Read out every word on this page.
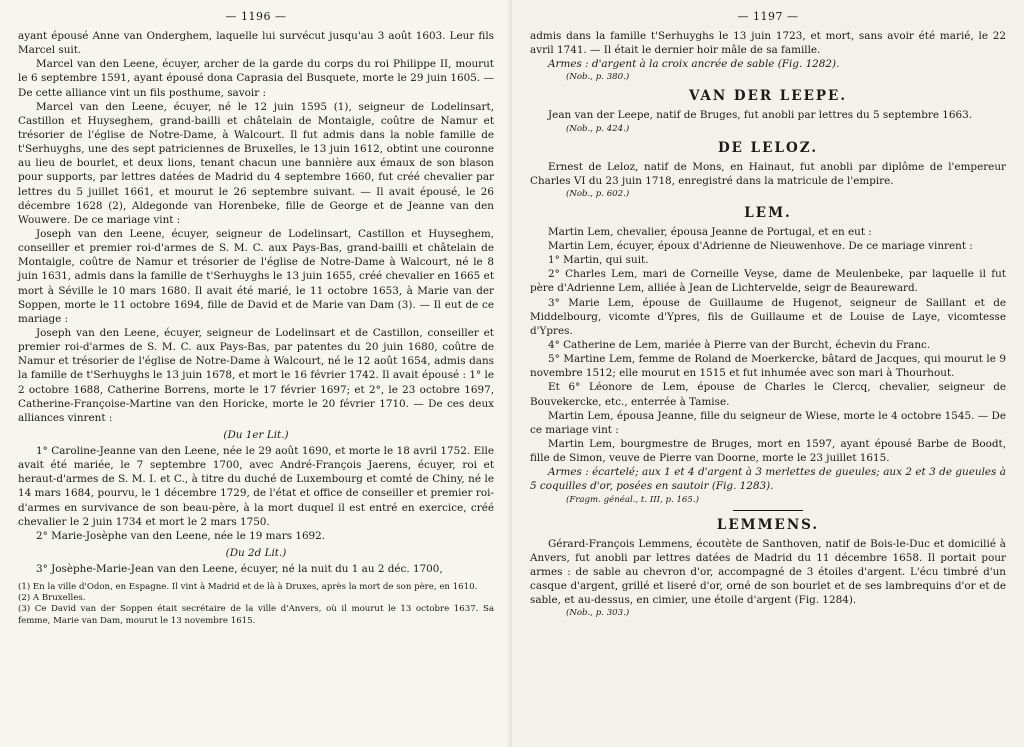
— 1196 —

ayant épousé Anne van Onderghem, laquelle lui survécut jusqu'au 3 août 1603. Leur fils Marcel suit.

Marcel van den Leene, écuyer, archer de la garde du corps du roi Philippe II, mourut le 6 septembre 1591, ayant épousé dona Caprasia del Busquete, morte le 29 juin 1605. — De cette alliance vint un fils posthume, savoir :

Marcel van den Leene, écuyer, né le 12 juin 1595 (1), seigneur de Lodelinsart, Castillon et Huyseghem, grand-bailli et châtelain de Montaigle, coûtre de Namur et trésorier de l'église de Notre-Dame, à Walcourt. Il fut admis dans la noble famille de t'Serhuyghs, une des sept patriciennes de Bruxelles, le 13 juin 1612, obtint une couronne au lieu de bourlet, et deux lions, tenant chacun une bannière aux émaux de son blason pour supports, par lettres datées de Madrid du 4 septembre 1660, fut créé chevalier par lettres du 5 juillet 1661, et mourut le 26 septembre suivant. — Il avait épousé, le 26 décembre 1628 (2), Aldegonde van Horenbeke, fille de George et de Jeanne van den Wouwere. De ce mariage vint :

Joseph van den Leene, écuyer, seigneur de Lodelinsart, Castillon et Huyseghem, conseiller et premier roi-d'armes de S. M. C. aux Pays-Bas, grand-bailli et châtelain de Montaigle, coûtre de Namur et trésorier de l'église de Notre-Dame à Walcourt, né le 8 juin 1631, admis dans la famille de t'Serhuyghs le 13 juin 1655, créé chevalier en 1665 et mort à Séville le 10 mars 1680. Il avait été marié, le 11 octobre 1653, à Marie van der Soppen, morte le 11 octobre 1694, fille de David et de Marie van Dam (3). — Il eut de ce mariage :

Joseph van den Leene, écuyer, seigneur de Lodelinsart et de Castillon, conseiller et premier roi-d'armes de S. M. C. aux Pays-Bas, par patentes du 20 juin 1680, coûtre de Namur et trésorier de l'église de Notre-Dame à Walcourt, né le 12 août 1654, admis dans la famille de t'Serhuyghs le 13 juin 1678, et mort le 16 février 1742. Il avait épousé : 1° le 2 octobre 1688, Catherine Borrens, morte le 17 février 1697; et 2°, le 23 octobre 1697, Catherine-Françoise-Martine van den Horicke, morte le 20 février 1710. — De ces deux alliances vinrent :

(Du 1er Lit.)

1° Caroline-Jeanne van den Leene, née le 29 août 1690, et morte le 18 avril 1752. Elle avait été mariée, le 7 septembre 1700, avec André-François Jaerens, écuyer, roi et heraut-d'armes de S. M. I. et C., à titre du duché de Luxembourg et comté de Chiny, né le 14 mars 1684, pourvu, le 1 décembre 1729, de l'état et office de conseiller et premier roi-d'armes en survivance de son beau-père, à la mort duquel il est entré en exercice, créé chevalier le 2 juin 1734 et mort le 2 mars 1750.

2° Marie-Josèphe van den Leene, née le 19 mars 1692.

(Du 2d Lit.)

3° Josèphe-Marie-Jean van den Leene, écuyer, né la nuit du 1 au 2 déc. 1700,

(1) En la ville d'Odon, en Espagne. Il vint à Madrid et de là à Druxes, après la mort de son père, en 1610.

(2) A Bruxelles.

(3) Ce David van der Soppen était secrétaire de la ville d'Anvers, où il mourut le 13 octobre 1637. Sa femme, Marie van Dam, mourut le 13 novembre 1615.

— 1197 —

admis dans la famille t'Serhuyghs le 13 juin 1723, et mort, sans avoir été marié, le 22 avril 1741. — Il était le dernier hoir mâle de sa famille.

Armes : d'argent à la croix ancrée de sable (Fig. 1282).

(Nob., p. 380.)
VAN DER LEEPE.

Jean van der Leepe, natif de Bruges, fut anobli par lettres du 5 septembre 1663.

(Nob., p. 424.)
DE LELOZ.

Ernest de Leloz, natif de Mons, en Hainaut, fut anobli par diplôme de l'empereur Charles VI du 23 juin 1718, enregistré dans la matricule de l'empire.

(Nob., p. 602.)
LEM.

Martin Lem, chevalier, épousa Jeanne de Portugal, et en eut :

Martin Lem, écuyer, époux d'Adrienne de Nieuwenhove. De ce mariage vinrent :

1° Martin, qui suit.

2° Charles Lem, mari de Corneille Veyse, dame de Meulenbeke, par laquelle il fut père d'Adrienne Lem, alliée à Jean de Lichtervelde, seigr de Beaureward.

3° Marie Lem, épouse de Guillaume de Hugenot, seigneur de Saillant et de Middelbourg, vicomte d'Ypres, fils de Guillaume et de Louise de Laye, vicomtesse d'Ypres.

4° Catherine de Lem, mariée à Pierre van der Burcht, échevin du Franc.

5° Martine Lem, femme de Roland de Moerkercke, bâtard de Jacques, qui mourut le 9 novembre 1512; elle mourut en 1515 et fut inhumée avec son mari à Thourhout.

Et 6° Léonore de Lem, épouse de Charles le Clercq, chevalier, seigneur de Bouvekercke, etc., enterrée à Tamise.

Martin Lem, épousa Jeanne, fille du seigneur de Wiese, morte le 4 octobre 1545. — De ce mariage vint :

Martin Lem, bourgmestre de Bruges, mort en 1597, ayant épousé Barbe de Boodt, fille de Simon, veuve de Pierre van Doorne, morte le 23 juillet 1615.

Armes : écartelé; aux 1 et 4 d'argent à 3 merlettes de gueules; aux 2 et 3 de gueules à 5 coquilles d'or, posées en sautoir (Fig. 1283).

(Fragm. généal., t. III, p. 165.)
LEMMENS.

Gérard-François Lemmens, écoutète de Santhoven, natif de Bois-le-Duc et domicilié à Anvers, fut anobli par lettres datées de Madrid du 11 décembre 1658. Il portait pour armes : de sable au chevron d'or, accompagné de 3 étoiles d'argent. L'écu timbré d'un casque d'argent, grillé et liseré d'or, orné de son bourlet et de ses lambrequins d'or et de sable, et au-dessus, en cimier, une étoile d'argent (Fig. 1284).

(Nob., p. 303.)
